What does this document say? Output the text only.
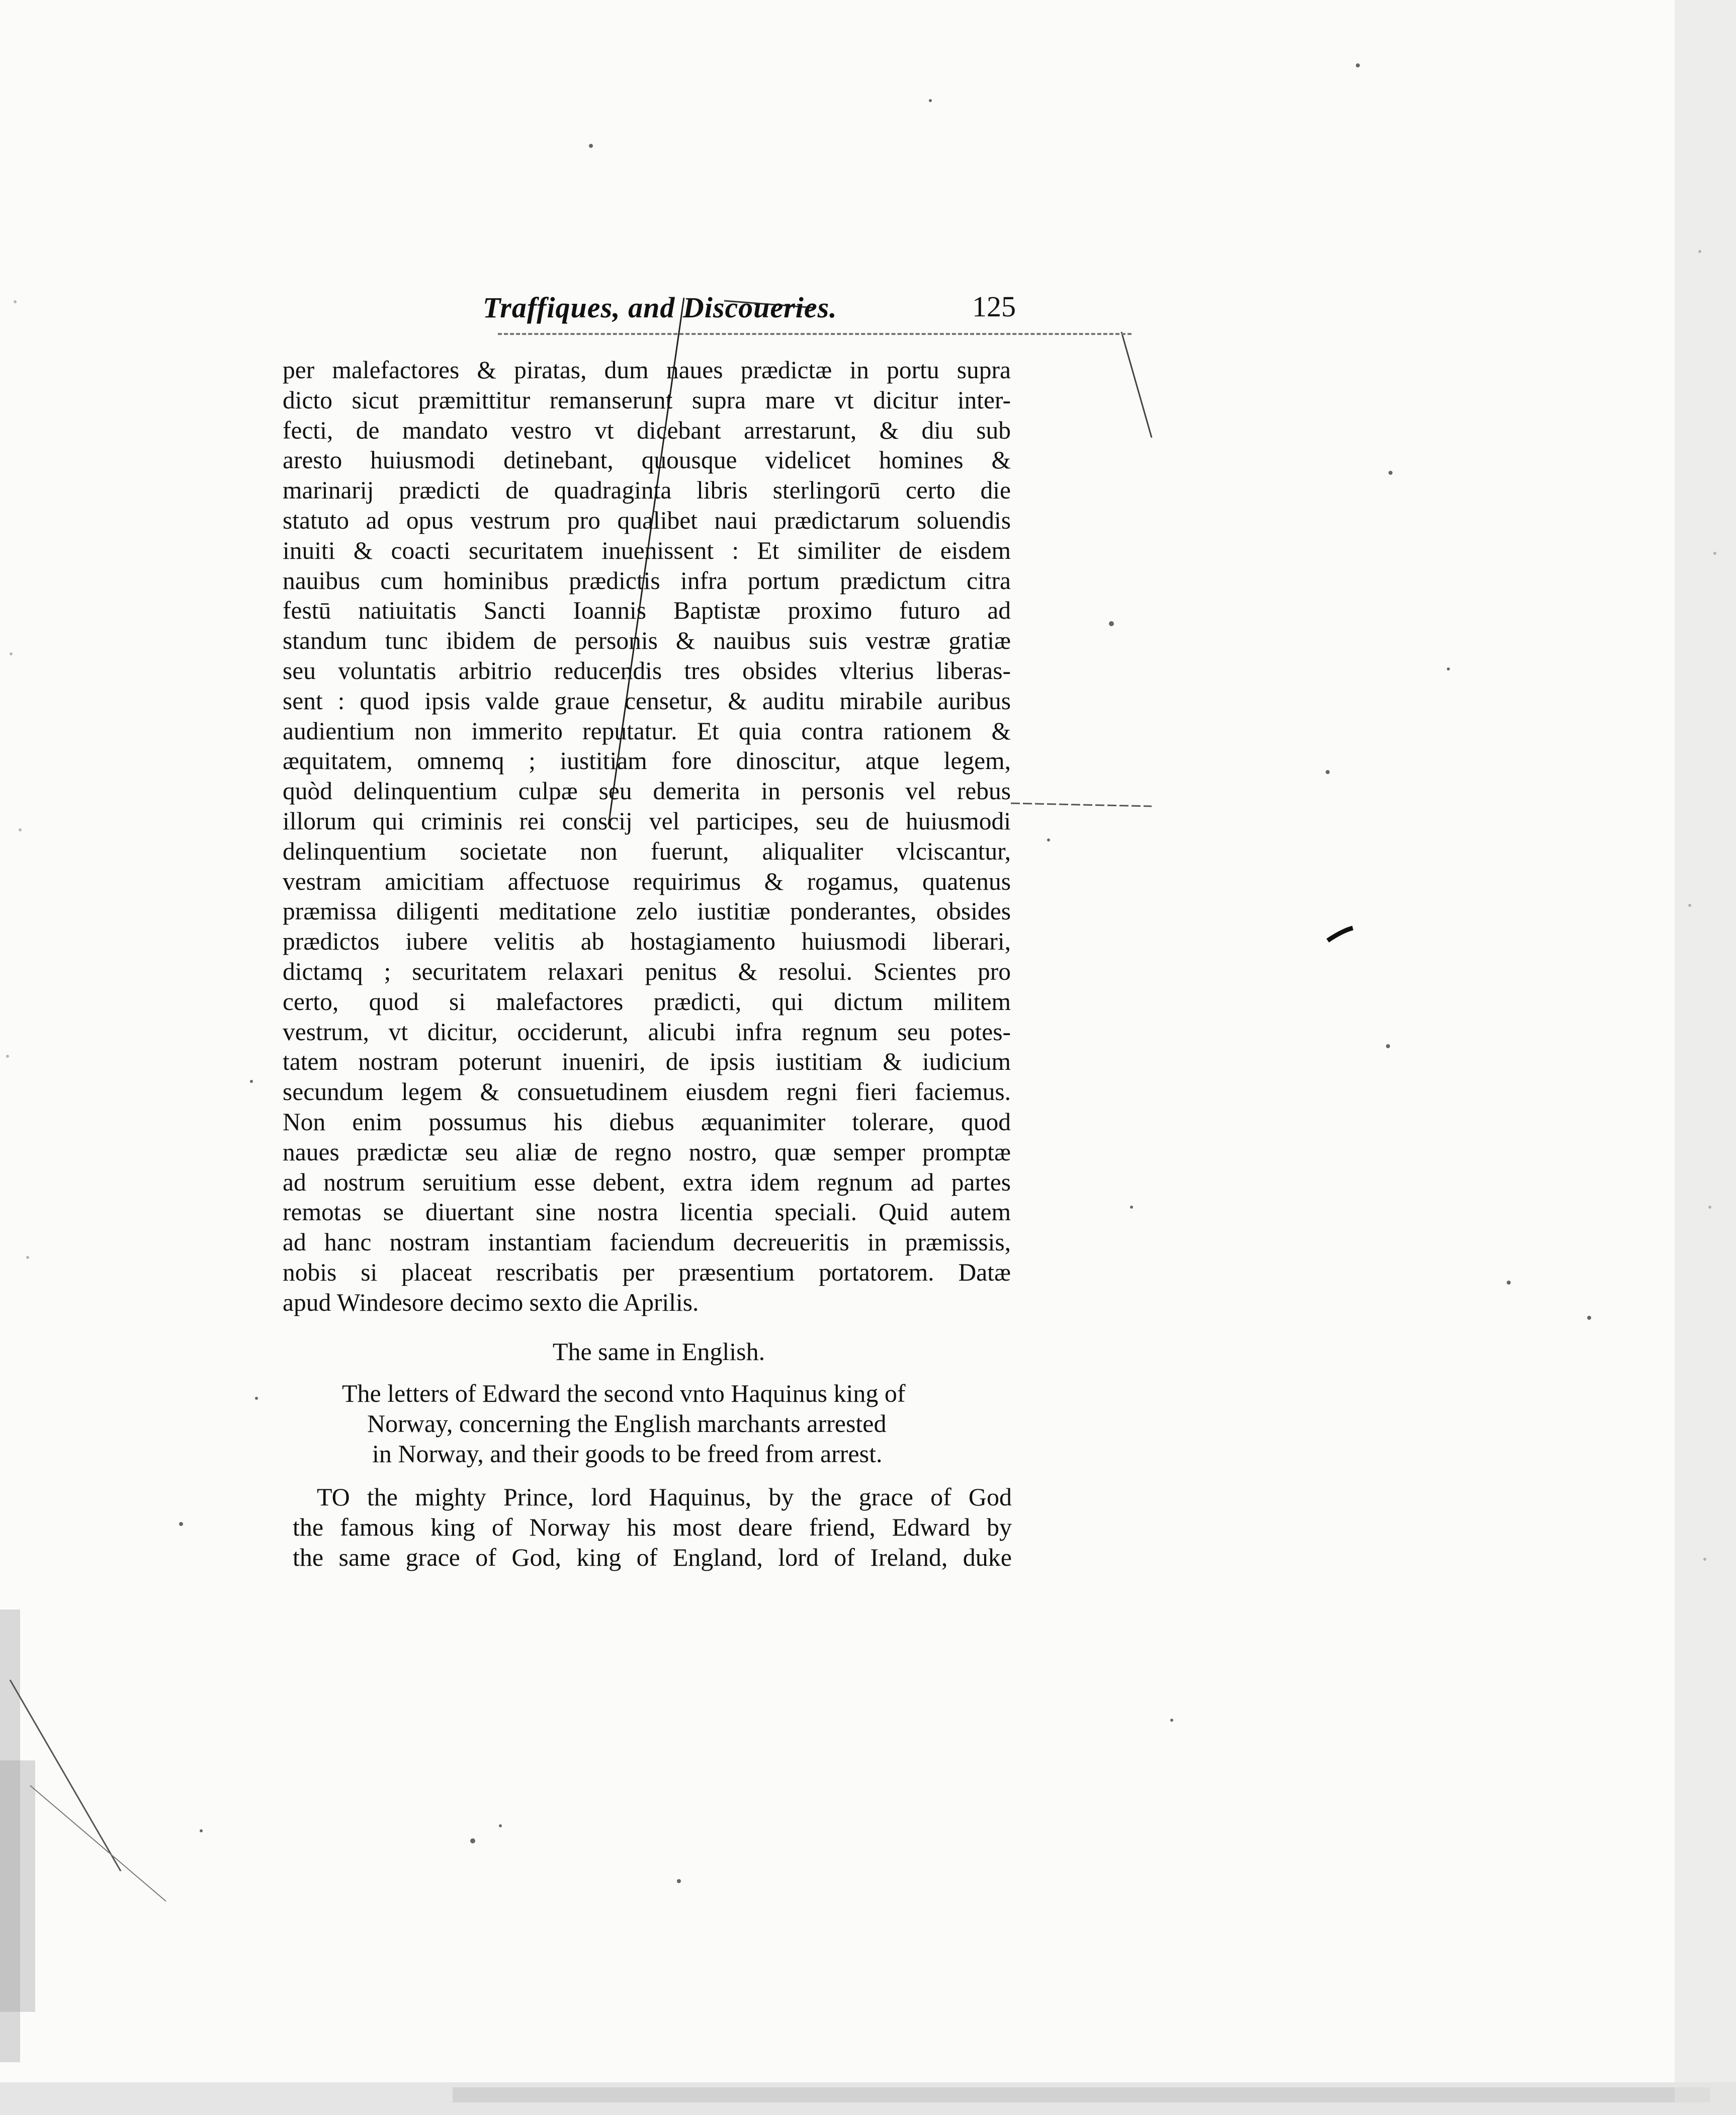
Traffiques, and Discoueries.	125
per malefactores & piratas, dum naues prædictæ in portu supra
dicto sicut præmittitur remanserunt supra mare vt dicitur inter-
fecti, de mandato vestro vt dicebant arrestarunt, & diu sub
aresto huiusmodi detinebant, quousque videlicet homines &
marinarij prædicti de quadraginta libris sterlingorū certo die
statuto ad opus vestrum pro qualibet naui prædictarum soluendis
inuiti & coacti securitatem inuenissent : Et similiter de eisdem
nauibus cum hominibus prædictis infra portum prædictum citra
festū natiuitatis Sancti Ioannis Baptistæ proximo futuro ad
standum tunc ibidem de personis & nauibus suis vestræ gratiæ
seu voluntatis arbitrio reducendis tres obsides vlterius liberas-
sent : quod ipsis valde graue censetur, & auditu mirabile auribus
audientium non immerito reputatur. Et quia contra rationem &
æquitatem, omnemq ; iustitiam fore dinoscitur, atque legem,
quòd delinquentium culpæ seu demerita in personis vel rebus
illorum qui criminis rei conscij vel participes, seu de huiusmodi
delinquentium societate non fuerunt, aliqualiter vlciscantur,
vestram amicitiam affectuose requirimus & rogamus, quatenus
præmissa diligenti meditatione zelo iustitiæ ponderantes, obsides
prædictos iubere velitis ab hostagiamento huiusmodi liberari,
dictamq ; securitatem relaxari penitus & resolui. Scientes pro
certo, quod si malefactores prædicti, qui dictum militem
vestrum, vt dicitur, occiderunt, alicubi infra regnum seu potes-
tatem nostram poterunt inueniri, de ipsis iustitiam & iudicium
secundum legem & consuetudinem eiusdem regni fieri faciemus.
Non enim possumus his diebus æquanimiter tolerare, quod
naues prædictæ seu aliæ de regno nostro, quæ semper promptæ
ad nostrum seruitium esse debent, extra idem regnum ad partes
remotas se diuertant sine nostra licentia speciali. Quid autem
ad hanc nostram instantiam faciendum decreueritis in præmissis,
nobis si placeat rescribatis per præsentium portatorem. Datæ
apud Windesore decimo sexto die Aprilis.
The same in English.
The letters of Edward the second vnto Haquinus king of
Norway, concerning the English marchants arrested
in Norway, and their goods to be freed from arrest.
TO the mighty Prince, lord Haquinus, by the grace of God
the famous king of Norway his most deare friend, Edward by
the same grace of God, king of England, lord of Ireland, duke
